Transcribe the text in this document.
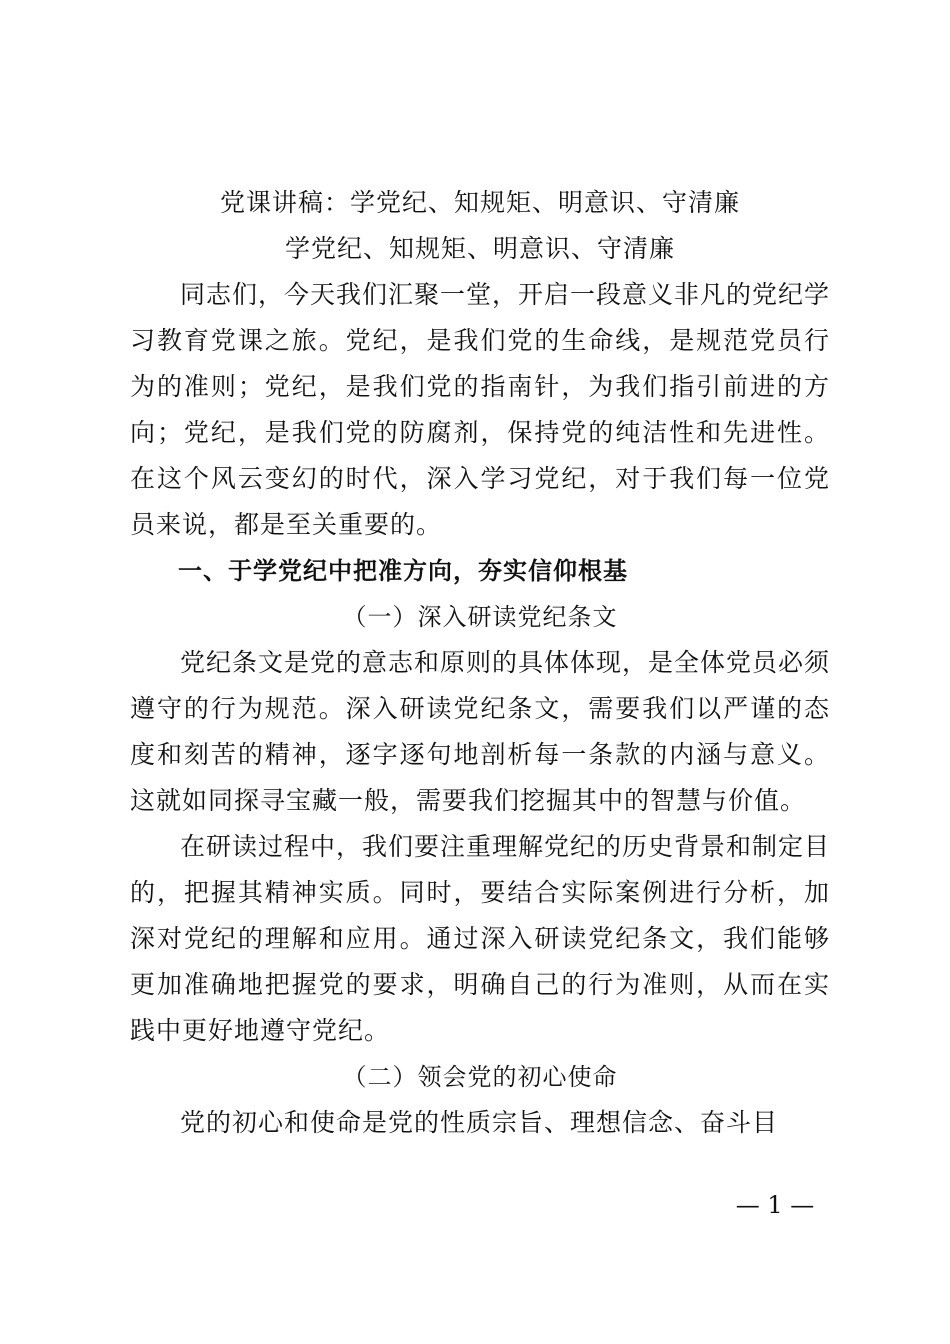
党课讲稿：学党纪、知规矩、明意识、守清廉
学党纪、知规矩、明意识、守清廉

同志们，今天我们汇聚一堂，开启一段意义非凡的党纪学习教育党课之旅。党纪，是我们党的生命线，是规范党员行为的准则；党纪，是我们党的指南针，为我们指引前进的方向；党纪，是我们党的防腐剂，保持党的纯洁性和先进性。在这个风云变幻的时代，深入学习党纪，对于我们每一位党员来说，都是至关重要的。

一、于学党纪中把准方向，夯实信仰根基

（一）深入研读党纪条文

党纪条文是党的意志和原则的具体体现，是全体党员必须遵守的行为规范。深入研读党纪条文，需要我们以严谨的态度和刻苦的精神，逐字逐句地剖析每一条款的内涵与意义。这就如同探寻宝藏一般，需要我们挖掘其中的智慧与价值。

在研读过程中，我们要注重理解党纪的历史背景和制定目的，把握其精神实质。同时，要结合实际案例进行分析，加深对党纪的理解和应用。通过深入研读党纪条文，我们能够更加准确地把握党的要求，明确自己的行为准则，从而在实践中更好地遵守党纪。

（二）领会党的初心使命

党的初心和使命是党的性质宗旨、理想信念、奋斗目

— 1 —
